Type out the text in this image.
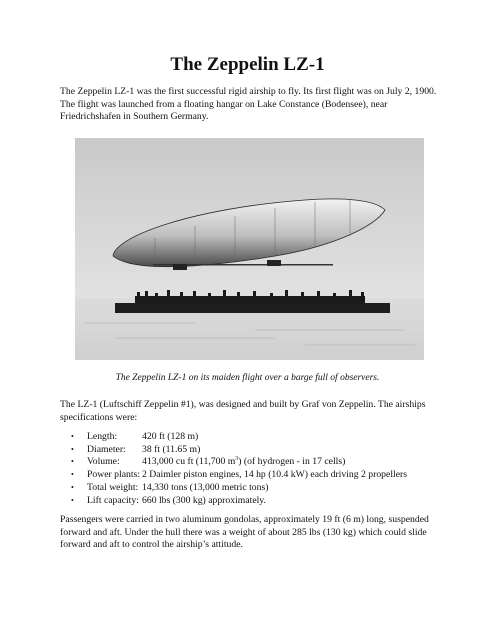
The Zeppelin LZ-1

The Zeppelin LZ-1 was the first successful rigid airship to fly. Its first flight was on July 2, 1900. The flight was launched from a floating hangar on Lake Constance (Bodensee), near Friedrichshafen in Southern Germany.

The Zeppelin LZ-1 on its maiden flight over a barge full of observers.

The LZ-1 (Luftschiff Zeppelin #1), was designed and built by Graf von Zeppelin. The airships specifications were:

• Length:	420 ft (128 m)
• Diameter: 38 ft (11.65 m)
• Volume: 413,000 cu ft (11,700 $m^3$) (of hydrogen - in 17 cells)
• Power plants: 2 Daimler piston engines, 14 hp (10.4 kW) each driving 2 propellers
• Total weight: 14,330 tons (13,000 metric tons)
• Lift capacity: 660 lbs (300 kg) approximately.

Passengers were carried in two aluminum gondolas, approximately 19 ft (6 m) long, suspended forward and aft. Under the hull there was a weight of about 285 lbs (130 kg) which could slide forward and aft to control the airship’s attitude.
